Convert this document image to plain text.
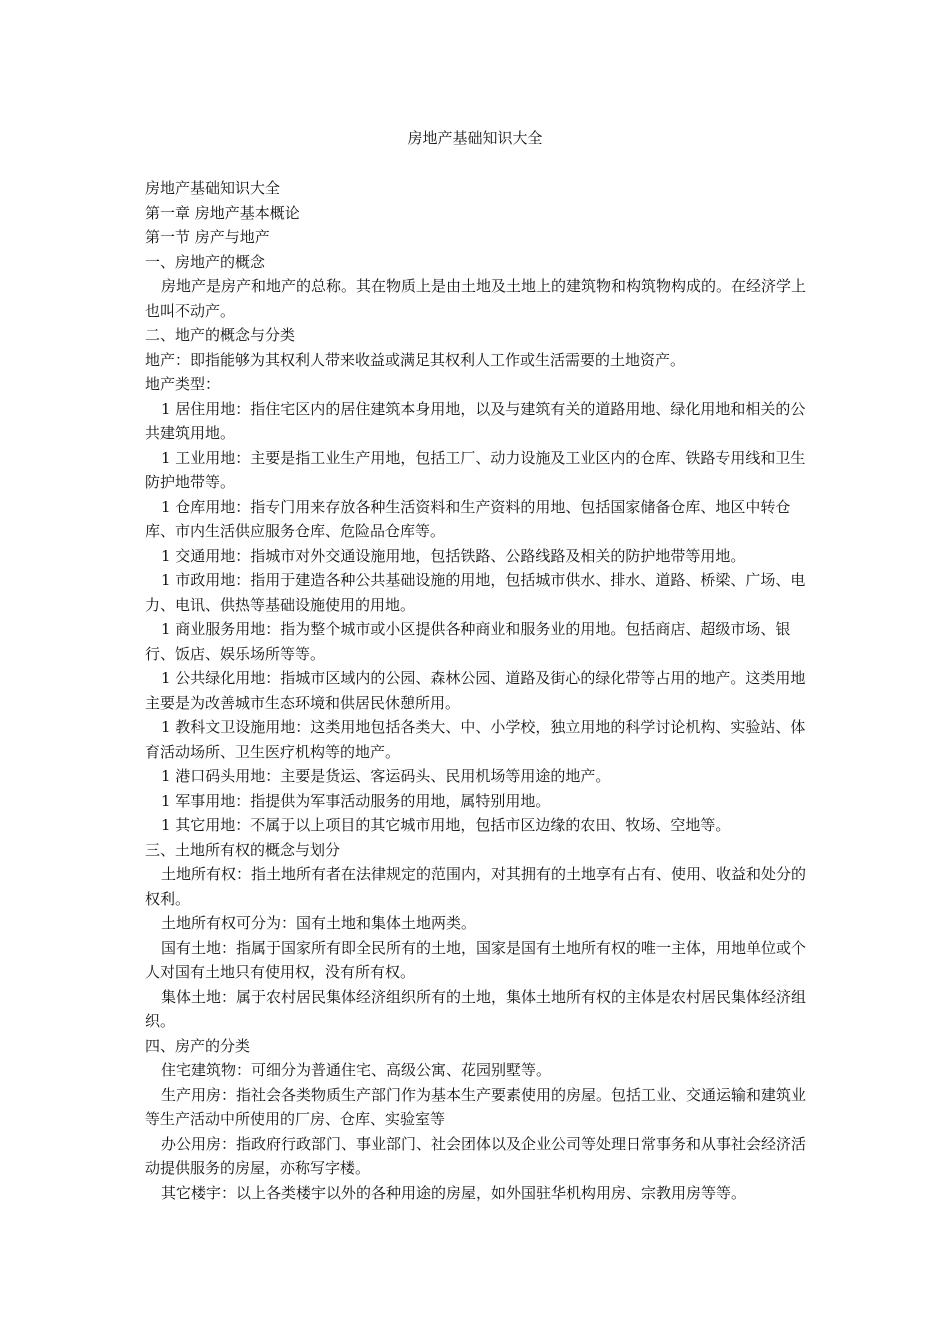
房地产基础知识大全

房地产基础知识大全

第一章 房地产基本概论

第一节 房产与地产

一、房地产的概念

房地产是房产和地产的总称。其在物质上是由土地及土地上的建筑物和构筑物构成的。在经济学上也叫不动产。

二、地产的概念与分类

地产：即指能够为其权利人带来收益或满足其权利人工作或生活需要的土地资产。

地产类型：

1 居住用地：指住宅区内的居住建筑本身用地，以及与建筑有关的道路用地、绿化用地和相关的公共建筑用地。

1 工业用地：主要是指工业生产用地，包括工厂、动力设施及工业区内的仓库、铁路专用线和卫生防护地带等。

1 仓库用地：指专门用来存放各种生活资料和生产资料的用地、包括国家储备仓库、地区中转仓库、市内生活供应服务仓库、危险品仓库等。

1 交通用地：指城市对外交通设施用地，包括铁路、公路线路及相关的防护地带等用地。

1 市政用地：指用于建造各种公共基础设施的用地，包括城市供水、排水、道路、桥梁、广场、电力、电讯、供热等基础设施使用的用地。

1 商业服务用地：指为整个城市或小区提供各种商业和服务业的用地。包括商店、超级市场、银行、饭店、娱乐场所等等。

1 公共绿化用地：指城市区域内的公园、森林公园、道路及街心的绿化带等占用的地产。这类用地主要是为改善城市生态环境和供居民休憩所用。

1 教科文卫设施用地：这类用地包括各类大、中、小学校，独立用地的科学讨论机构、实验站、体育活动场所、卫生医疗机构等的地产。

1 港口码头用地：主要是货运、客运码头、民用机场等用途的地产。

1 军事用地：指提供为军事活动服务的用地，属特别用地。

1 其它用地：不属于以上项目的其它城市用地，包括市区边缘的农田、牧场、空地等。

三、土地所有权的概念与划分

土地所有权：指土地所有者在法律规定的范围内，对其拥有的土地享有占有、使用、收益和处分的权利。

土地所有权可分为：国有土地和集体土地两类。

国有土地：指属于国家所有即全民所有的土地，国家是国有土地所有权的唯一主体，用地单位或个人对国有土地只有使用权，没有所有权。

集体土地：属于农村居民集体经济组织所有的土地，集体土地所有权的主体是农村居民集体经济组织。

四、房产的分类

住宅建筑物：可细分为普通住宅、高级公寓、花园别墅等。

生产用房：指社会各类物质生产部门作为基本生产要素使用的房屋。包括工业、交通运输和建筑业等生产活动中所使用的厂房、仓库、实验室等

办公用房：指政府行政部门、事业部门、社会团体以及企业公司等处理日常事务和从事社会经济活动提供服务的房屋，亦称写字楼。

其它楼宇：以上各类楼宇以外的各种用途的房屋，如外国驻华机构用房、宗教用房等等。
